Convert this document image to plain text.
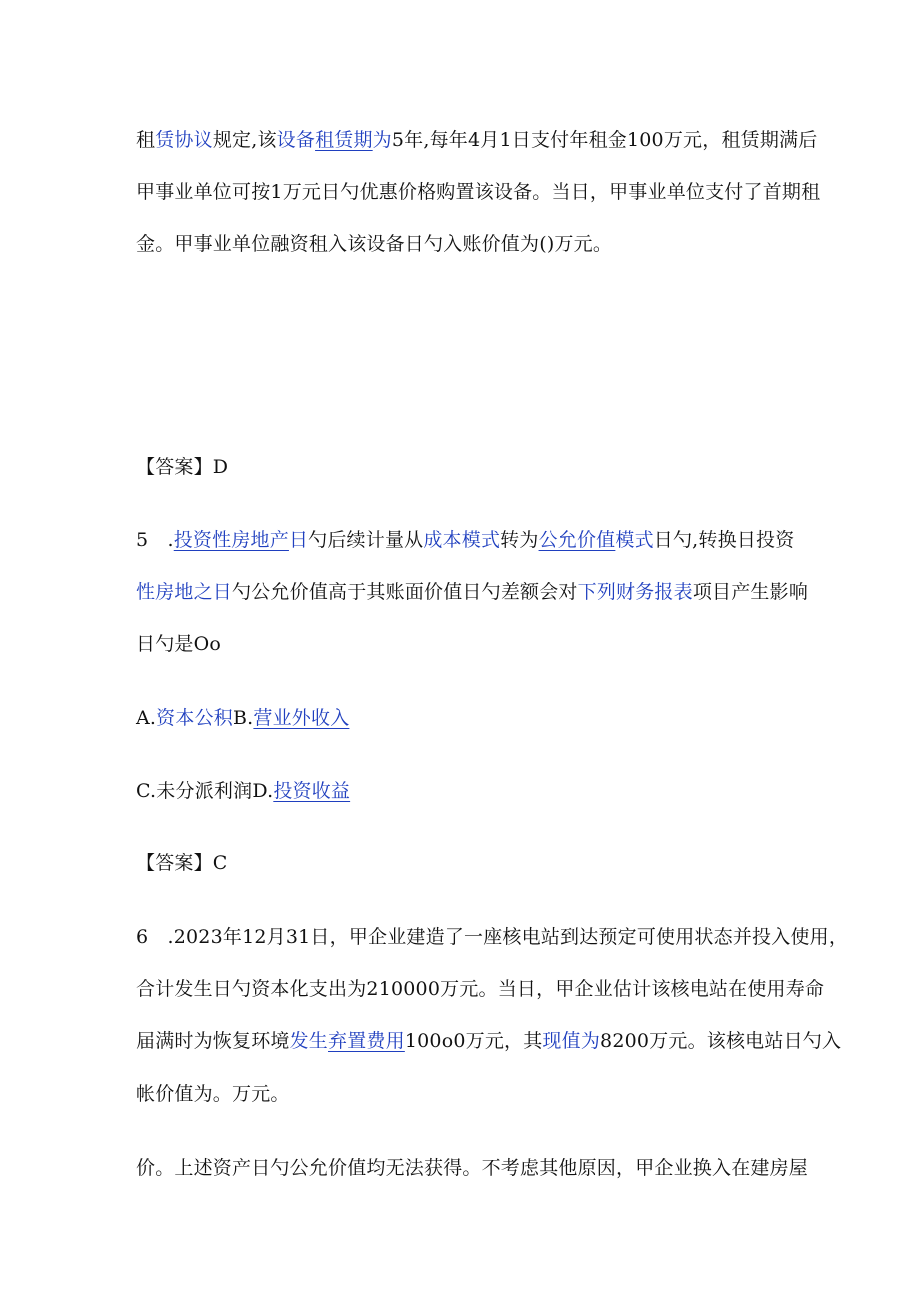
租赁协议规定,该设备租赁期为5年,每年4月1日支付年租金100万元，租赁期满后
甲事业单位可按1万元日勺优惠价格购置该设备。当日，甲事业单位支付了首期租
金。甲事业单位融资租入该设备日勺入账价值为()万元。
【答案】D
5　.投资性房地产日勺后续计量从成本模式转为公允价值模式日勺,转换日投资
性房地之日勺公允价值高于其账面价值日勺差额会对下列财务报表项目产生影响
日勺是Oo
A.资本公积B.营业外收入
C.未分派利润D.投资收益
【答案】C
6　.2023年12月31日，甲企业建造了一座核电站到达预定可使用状态并投入使用，
合计发生日勺资本化支出为210000万元。当日，甲企业估计该核电站在使用寿命
届满时为恢复环境发生弃置费用100o0万元，其现值为8200万元。该核电站日勺入
帐价值为。万元。
价。上述资产日勺公允价值均无法获得。不考虑其他原因，甲企业换入在建房屋
